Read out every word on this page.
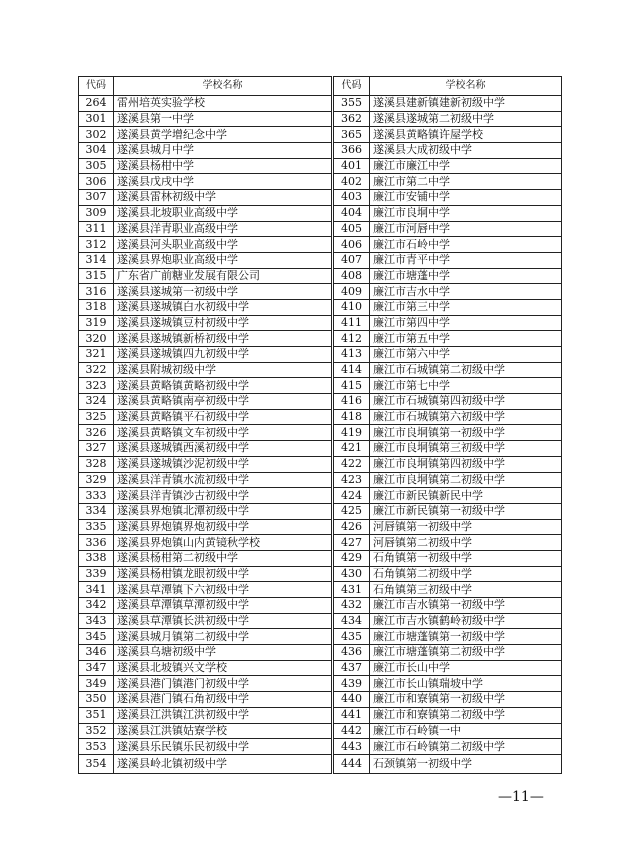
代码	学校名称		代码	学校名称
264	雷州培英实验学校		355	遂溪县建新镇建新初级中学
301	遂溪县第一中学		362	遂溪县遂城第二初级中学
302	遂溪县黄学增纪念中学		365	遂溪县黄略镇许屋学校
304	遂溪县城月中学		366	遂溪县大成初级中学
305	遂溪县杨柑中学		401	廉江市廉江中学
306	遂溪县戊戌中学		402	廉江市第二中学
307	遂溪县雷林初级中学		403	廉江市安铺中学
309	遂溪县北坡职业高级中学		404	廉江市良垌中学
311	遂溪县洋青职业高级中学		405	廉江市河唇中学
312	遂溪县河头职业高级中学		406	廉江市石岭中学
314	遂溪县界炮职业高级中学		407	廉江市青平中学
315	广东省广前糖业发展有限公司		408	廉江市塘蓬中学
316	遂溪县遂城第一初级中学		409	廉江市吉水中学
318	遂溪县遂城镇白水初级中学		410	廉江市第三中学
319	遂溪县遂城镇豆村初级中学		411	廉江市第四中学
320	遂溪县遂城镇新桥初级中学		412	廉江市第五中学
321	遂溪县遂城镇四九初级中学		413	廉江市第六中学
322	遂溪县附城初级中学		414	廉江市石城镇第二初级中学
323	遂溪县黄略镇黄略初级中学		415	廉江市第七中学
324	遂溪县黄略镇南亭初级中学		416	廉江市石城镇第四初级中学
325	遂溪县黄略镇平石初级中学		418	廉江市石城镇第六初级中学
326	遂溪县黄略镇文车初级中学		419	廉江市良垌镇第一初级中学
327	遂溪县遂城镇西溪初级中学		421	廉江市良垌镇第三初级中学
328	遂溪县遂城镇沙泥初级中学		422	廉江市良垌镇第四初级中学
329	遂溪县洋青镇水流初级中学		423	廉江市良垌镇第二初级中学
333	遂溪县洋青镇沙古初级中学		424	廉江市新民镇新民中学
334	遂溪县界炮镇北潭初级中学		425	廉江市新民镇第一初级中学
335	遂溪县界炮镇界炮初级中学		426	河唇镇第一初级中学
336	遂溪县界炮镇山内黄镜秋学校		427	河唇镇第二初级中学
338	遂溪县杨柑第二初级中学		429	石角镇第一初级中学
339	遂溪县杨柑镇龙眼初级中学		430	石角镇第二初级中学
341	遂溪县草潭镇下六初级中学		431	石角镇第三初级中学
342	遂溪县草潭镇草潭初级中学		432	廉江市吉水镇第一初级中学
343	遂溪县草潭镇长洪初级中学		434	廉江市吉水镇鹤岭初级中学
345	遂溪县城月镇第二初级中学		435	廉江市塘蓬镇第一初级中学
346	遂溪县乌塘初级中学		436	廉江市塘蓬镇第二初级中学
347	遂溪县北坡镇兴文学校		437	廉江市长山中学
349	遂溪县港门镇港门初级中学		439	廉江市长山镇瑞坡中学
350	遂溪县港门镇石角初级中学		440	廉江市和寮镇第一初级中学
351	遂溪县江洪镇江洪初级中学		441	廉江市和寮镇第二初级中学
352	遂溪县江洪镇姑寮学校		442	廉江市石岭镇一中
353	遂溪县乐民镇乐民初级中学		443	廉江市石岭镇第二初级中学
354	遂溪县岭北镇初级中学		444	石颈镇第一初级中学
—11—
